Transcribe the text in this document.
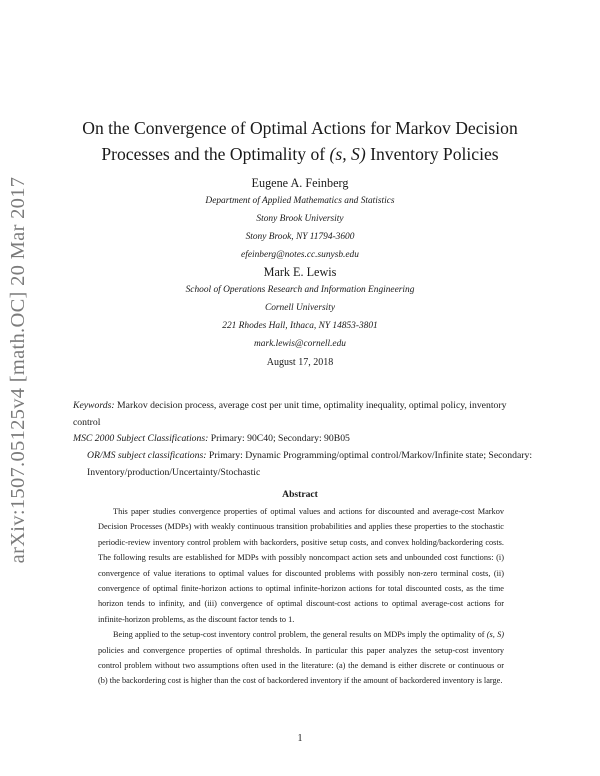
arXiv:1507.05125v4 [math.OC] 20 Mar 2017
On the Convergence of Optimal Actions for Markov Decision
Processes and the Optimality of (s, S) Inventory Policies
Eugene A. Feinberg
Department of Applied Mathematics and Statistics
Stony Brook University
Stony Brook, NY 11794-3600
efeinberg@notes.cc.sunysb.edu
Mark E. Lewis
School of Operations Research and Information Engineering
Cornell University
221 Rhodes Hall, Ithaca, NY 14853-3801
mark.lewis@cornell.edu
August 17, 2018
Keywords: Markov decision process, average cost per unit time, optimality inequality, optimal policy, inventory control
MSC 2000 Subject Classifications: Primary: 90C40; Secondary: 90B05
OR/MS subject classifications: Primary: Dynamic Programming/optimal control/Markov/Infinite state; Secondary: Inventory/production/Uncertainty/Stochastic
Abstract

This paper studies convergence properties of optimal values and actions for discounted and average-cost Markov Decision Processes (MDPs) with weakly continuous transition probabilities and applies these properties to the stochastic periodic-review inventory control problem with backorders, positive setup costs, and convex holding/backordering costs. The following results are established for MDPs with possibly noncompact action sets and unbounded cost functions: (i) convergence of value iterations to optimal values for discounted problems with possibly non-zero terminal costs, (ii) convergence of optimal finite-horizon actions to optimal infinite-horizon actions for total discounted costs, as the time horizon tends to infinity, and (iii) convergence of optimal discount-cost actions to optimal average-cost actions for infinite-horizon problems, as the discount factor tends to 1.

Being applied to the setup-cost inventory control problem, the general results on MDPs imply the optimality of (s, S) policies and convergence properties of optimal thresholds. In particular this paper analyzes the setup-cost inventory control problem without two assumptions often used in the literature: (a) the demand is either discrete or continuous or (b) the backordering cost is higher than the cost of backordered inventory if the amount of backordered inventory is large.

1
